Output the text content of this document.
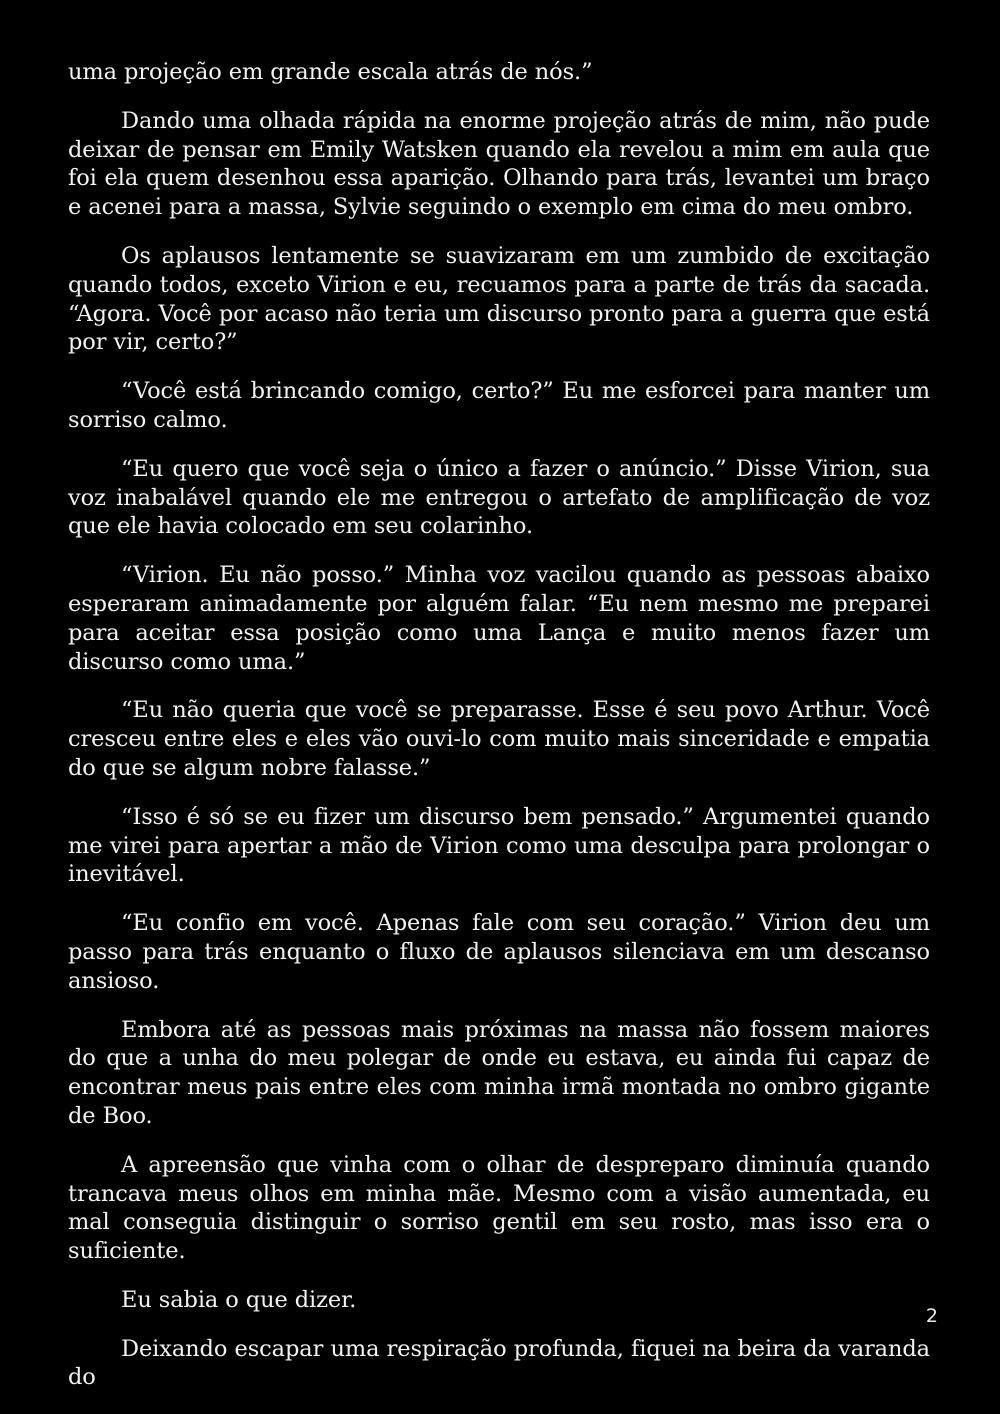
uma projeção em grande escala atrás de nós.”

Dando uma olhada rápida na enorme projeção atrás de mim, não pude deixar de pensar em Emily Watsken quando ela revelou a mim em aula que foi ela quem desenhou essa aparição. Olhando para trás, levantei um braço e acenei para a massa, Sylvie seguindo o exemplo em cima do meu ombro.

Os aplausos lentamente se suavizaram em um zumbido de excitação quando todos, exceto Virion e eu, recuamos para a parte de trás da sacada. “Agora. Você por acaso não teria um discurso pronto para a guerra que está por vir, certo?”

“Você está brincando comigo, certo?” Eu me esforcei para manter um sorriso calmo.

“Eu quero que você seja o único a fazer o anúncio.” Disse Virion, sua voz inabalável quando ele me entregou o artefato de amplificação de voz que ele havia colocado em seu colarinho.

“Virion. Eu não posso.” Minha voz vacilou quando as pessoas abaixo esperaram animadamente por alguém falar. “Eu nem mesmo me preparei para aceitar essa posição como uma Lança e muito menos fazer um discurso como uma.”

“Eu não queria que você se preparasse. Esse é seu povo Arthur. Você cresceu entre eles e eles vão ouvi-lo com muito mais sinceridade e empatia do que se algum nobre falasse.”

“Isso é só se eu fizer um discurso bem pensado.” Argumentei quando me virei para apertar a mão de Virion como uma desculpa para prolongar o inevitável.

“Eu confio em você. Apenas fale com seu coração.” Virion deu um passo para trás enquanto o fluxo de aplausos silenciava em um descanso ansioso.

Embora até as pessoas mais próximas na massa não fossem maiores do que a unha do meu polegar de onde eu estava, eu ainda fui capaz de encontrar meus pais entre eles com minha irmã montada no ombro gigante de Boo.

A apreensão que vinha com o olhar de despreparo diminuía quando trancava meus olhos em minha mãe. Mesmo com a visão aumentada, eu mal conseguia distinguir o sorriso gentil em seu rosto, mas isso era o suficiente.

Eu sabia o que dizer.

Deixando escapar uma respiração profunda, fiquei na beira da varanda do

2
